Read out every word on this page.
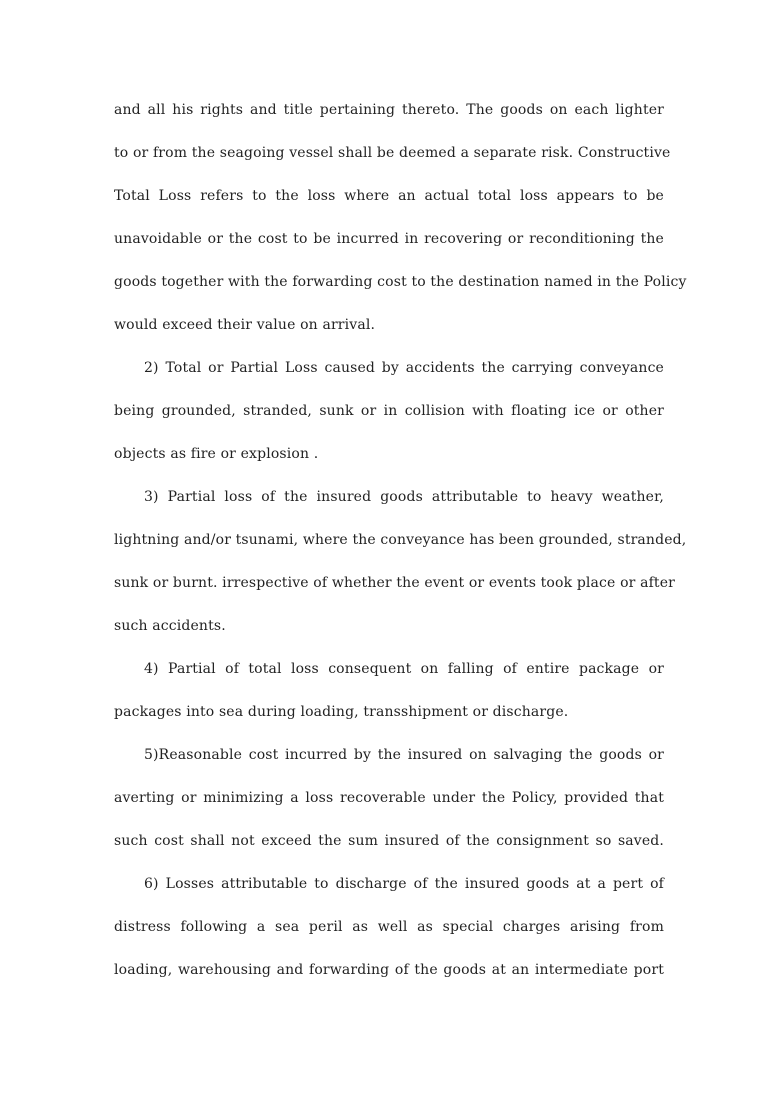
and all his rights and title pertaining thereto. The goods on each lighter
to or from the seagoing vessel shall be deemed a separate risk. Constructive
Total Loss refers to the loss where an actual total loss appears to be
unavoidable or the cost to be incurred in recovering or reconditioning the
goods together with the forwarding cost to the destination named in the Policy
would exceed their value on arrival.
2) Total or Partial Loss caused by accidents the carrying conveyance
being grounded, stranded, sunk or in collision with floating ice or other
objects as fire or explosion .
3) Partial loss of the insured goods attributable to heavy weather,
lightning and/or tsunami, where the conveyance has been grounded, stranded,
sunk or burnt. irrespective of whether the event or events took place or after
such accidents.
4) Partial of total loss consequent on falling of entire package or
packages into sea during loading, transshipment or discharge.
5)Reasonable cost incurred by the insured on salvaging the goods or
averting or minimizing a loss recoverable under the Policy, provided that
such cost shall not exceed the sum insured of the consignment so saved.
6) Losses attributable to discharge of the insured goods at a pert of
distress following a sea peril as well as special charges arising from
loading, warehousing and forwarding of the goods at an intermediate port
